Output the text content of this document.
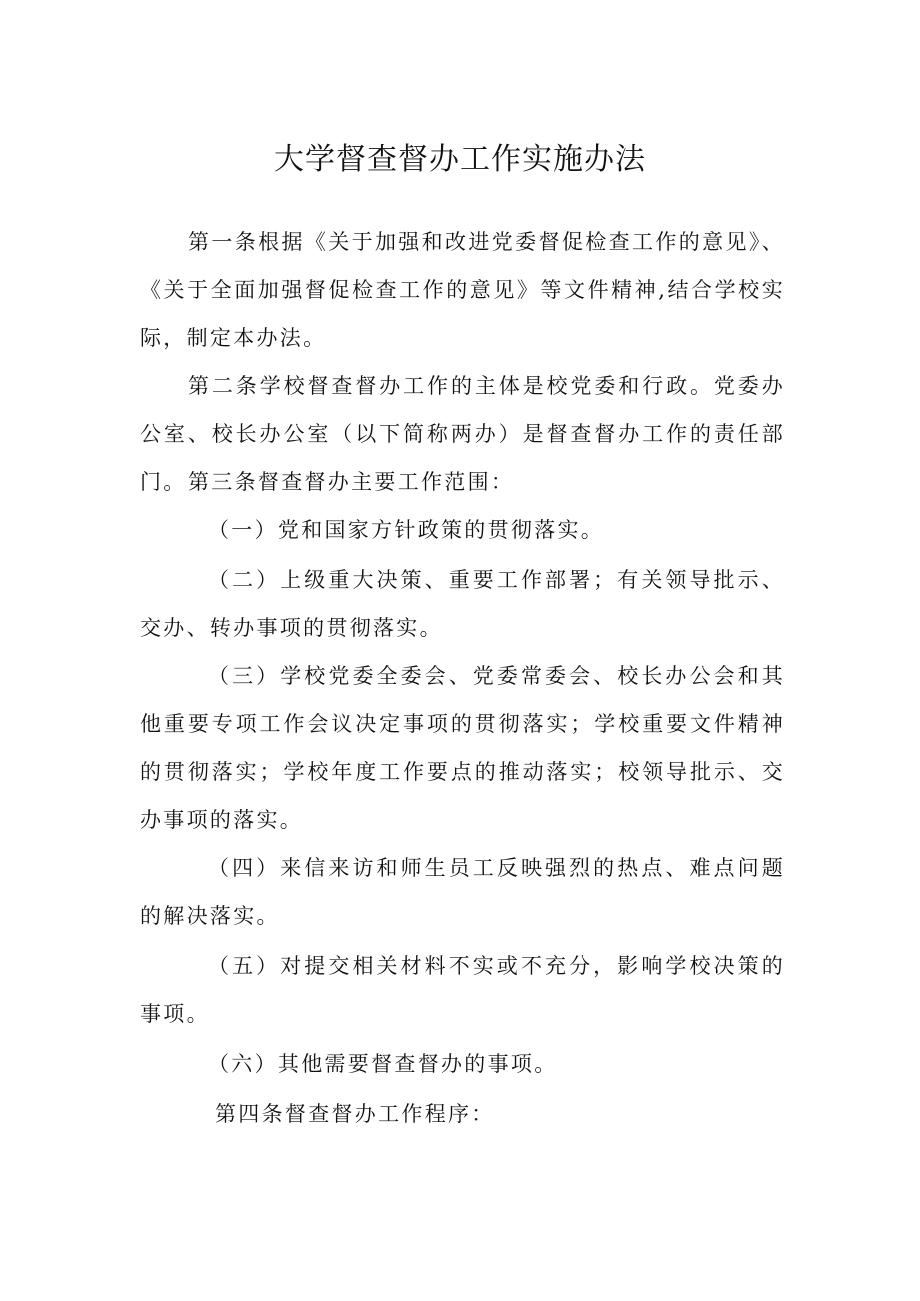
大学督查督办工作实施办法

第一条根据《关于加强和改进党委督促检查工作的意见》、《关于全面加强督促检查工作的意见》等文件精神,结合学校实际，制定本办法。

第二条学校督查督办工作的主体是校党委和行政。党委办公室、校长办公室（以下简称两办）是督查督办工作的责任部门。 第三条督查督办主要工作范围：

（一）党和国家方针政策的贯彻落实。

（二）上级重大决策、重要工作部署；有关领导批示、交办、转办事项的贯彻落实。

（三）学校党委全委会、党委常委会、校长办公会和其他重要专项工作会议决定事项的贯彻落实；学校重要文件精神的贯彻落实；学校年度工作要点的推动落实；校领导批示、交办事项的落实。

（四）来信来访和师生员工反映强烈的热点、难点问题的解决落实。

（五）对提交相关材料不实或不充分，影响学校决策的事项。

（六）其他需要督查督办的事项。

第四条督查督办工作程序：
